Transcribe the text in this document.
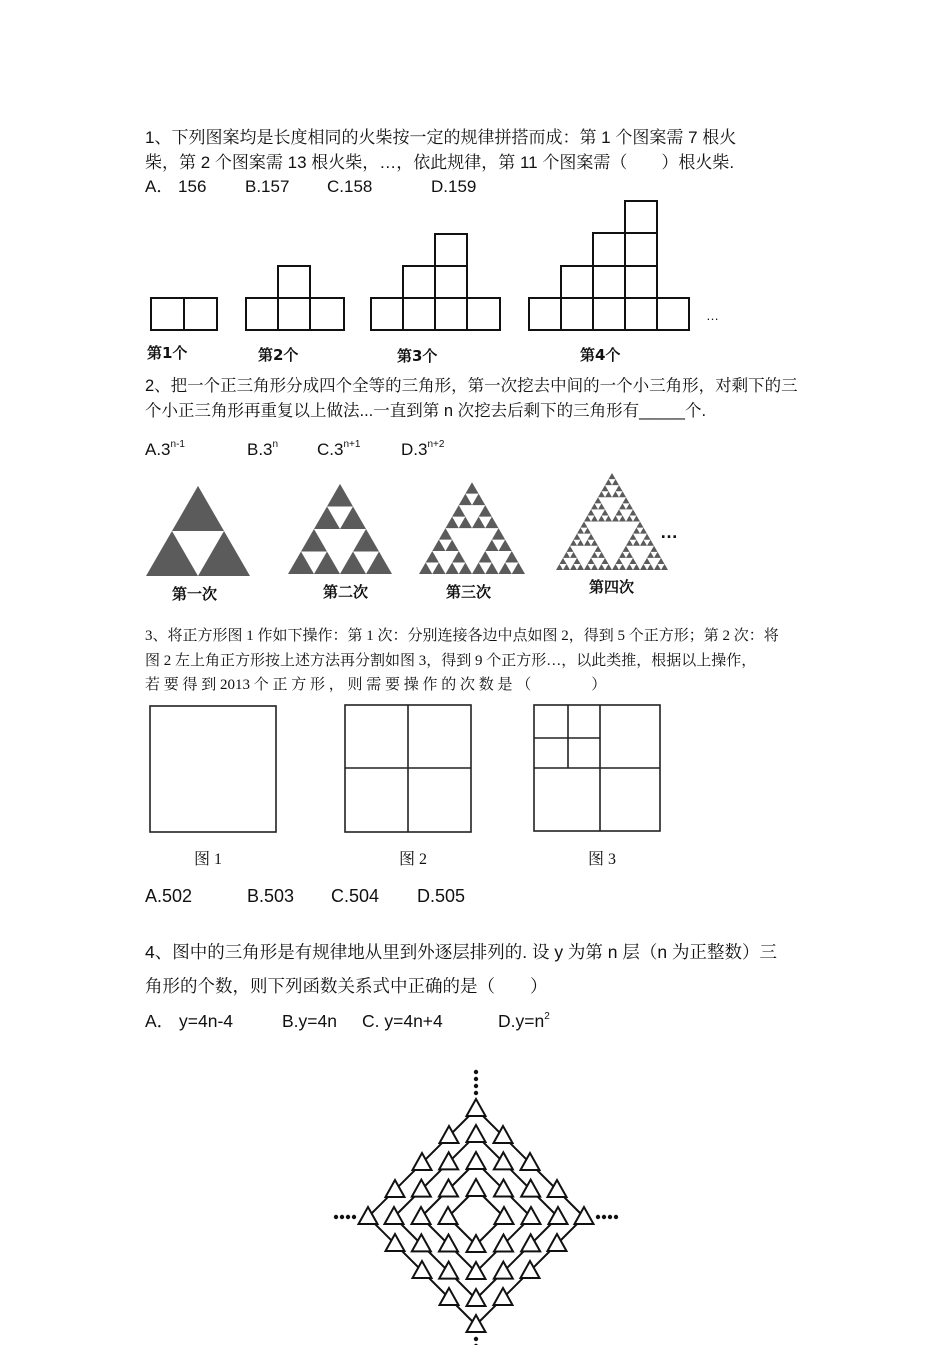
1、下列图案均是长度相同的火柴按一定的规律拼搭而成：第 1 个图案需 7 根火
柴，第 2 个图案需 13 根火柴，…，依此规律，第 11 个图案需（　　）根火柴.
A． 156 B.157 C.158	D.159
…
第1个	第2个	第3个	第4个
2、把一个正三角形分成四个全等的三角形，第一次挖去中间的一个小三角形，对剩下的三
个小正三角形再重复以上做法...一直到第 n 次挖去后剩下的三角形有_____个.
A.3$^{n-1}$	B.3$^n$ $C.3^{n+1}$ $D.3^{n+2}$
…
第一次	第二次	第三次	第四次
3、将正方形图 1 作如下操作：第 1 次：分别连接各边中点如图 2，得到 5 个正方形；第 2 次：将
图 2 左上角正方形按上述方法再分割如图 3，得到 9 个正方形…，以此类推，根据以上操作，
若 要 得 到 2013 个 正 方 形 ， 则 需 要 操 作 的 次 数 是 （　　　　）
图 1	图 2	图 3
A.502	B.503 C.504 D.505
4、图中的三角形是有规律地从里到外逐层排列的. 设 y 为第 n 层（n 为正整数）三
角形的个数，则下列函数关系式中正确的是（　　）
A． y=4n-4	B.y=4n C. y=4n+4	$D.y=n^2$
